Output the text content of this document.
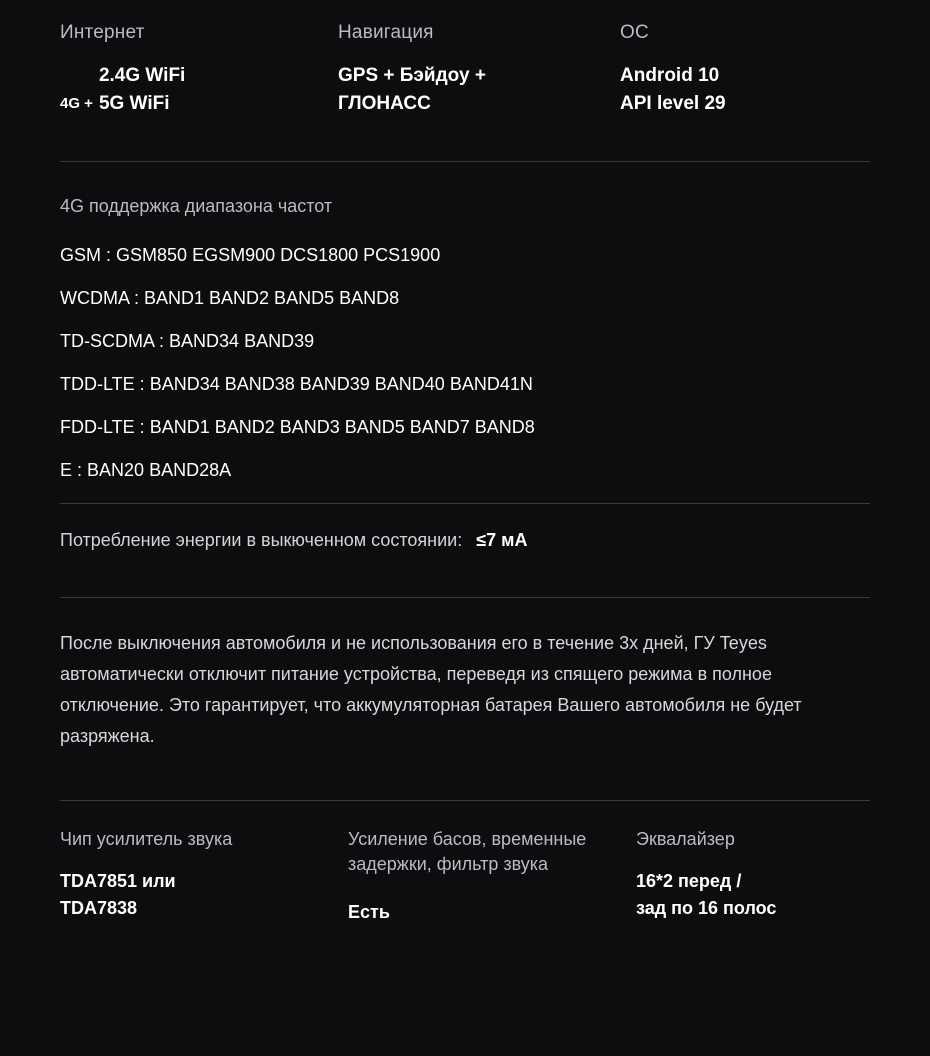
Интернет
4G +
2.4G WiFi
5G WiFi
Навигация
GPS + Бэйдоу +
ГЛОНАСС
ОС
Android 10
API level 29
4G поддержка диапазона частот
GSM : GSM850 EGSM900 DCS1800 PCS1900
WCDMA : BAND1 BAND2 BAND5 BAND8
TD-SCDMA : BAND34 BAND39
TDD-LTE : BAND34 BAND38 BAND39 BAND40 BAND41N
FDD-LTE : BAND1 BAND2 BAND3 BAND5 BAND7 BAND8
E : BAN20 BAND28A
Потребление энергии в выкюченном состоянии: ≤7 мА
После выключения автомобиля и не использования его в течение 3х дней, ГУ Teyes автоматически отключит питание устройства, переведя из спящего режима в полное отключение. Это гарантирует, что аккумуляторная батарея Вашего автомобиля не будет разряжена.
Чип усилитель звука
TDA7851 или
TDA7838
Усиление басов, временные задержки, фильтр звука
Есть
Эквалайзер
16*2 перед /
зад по 16 полос
